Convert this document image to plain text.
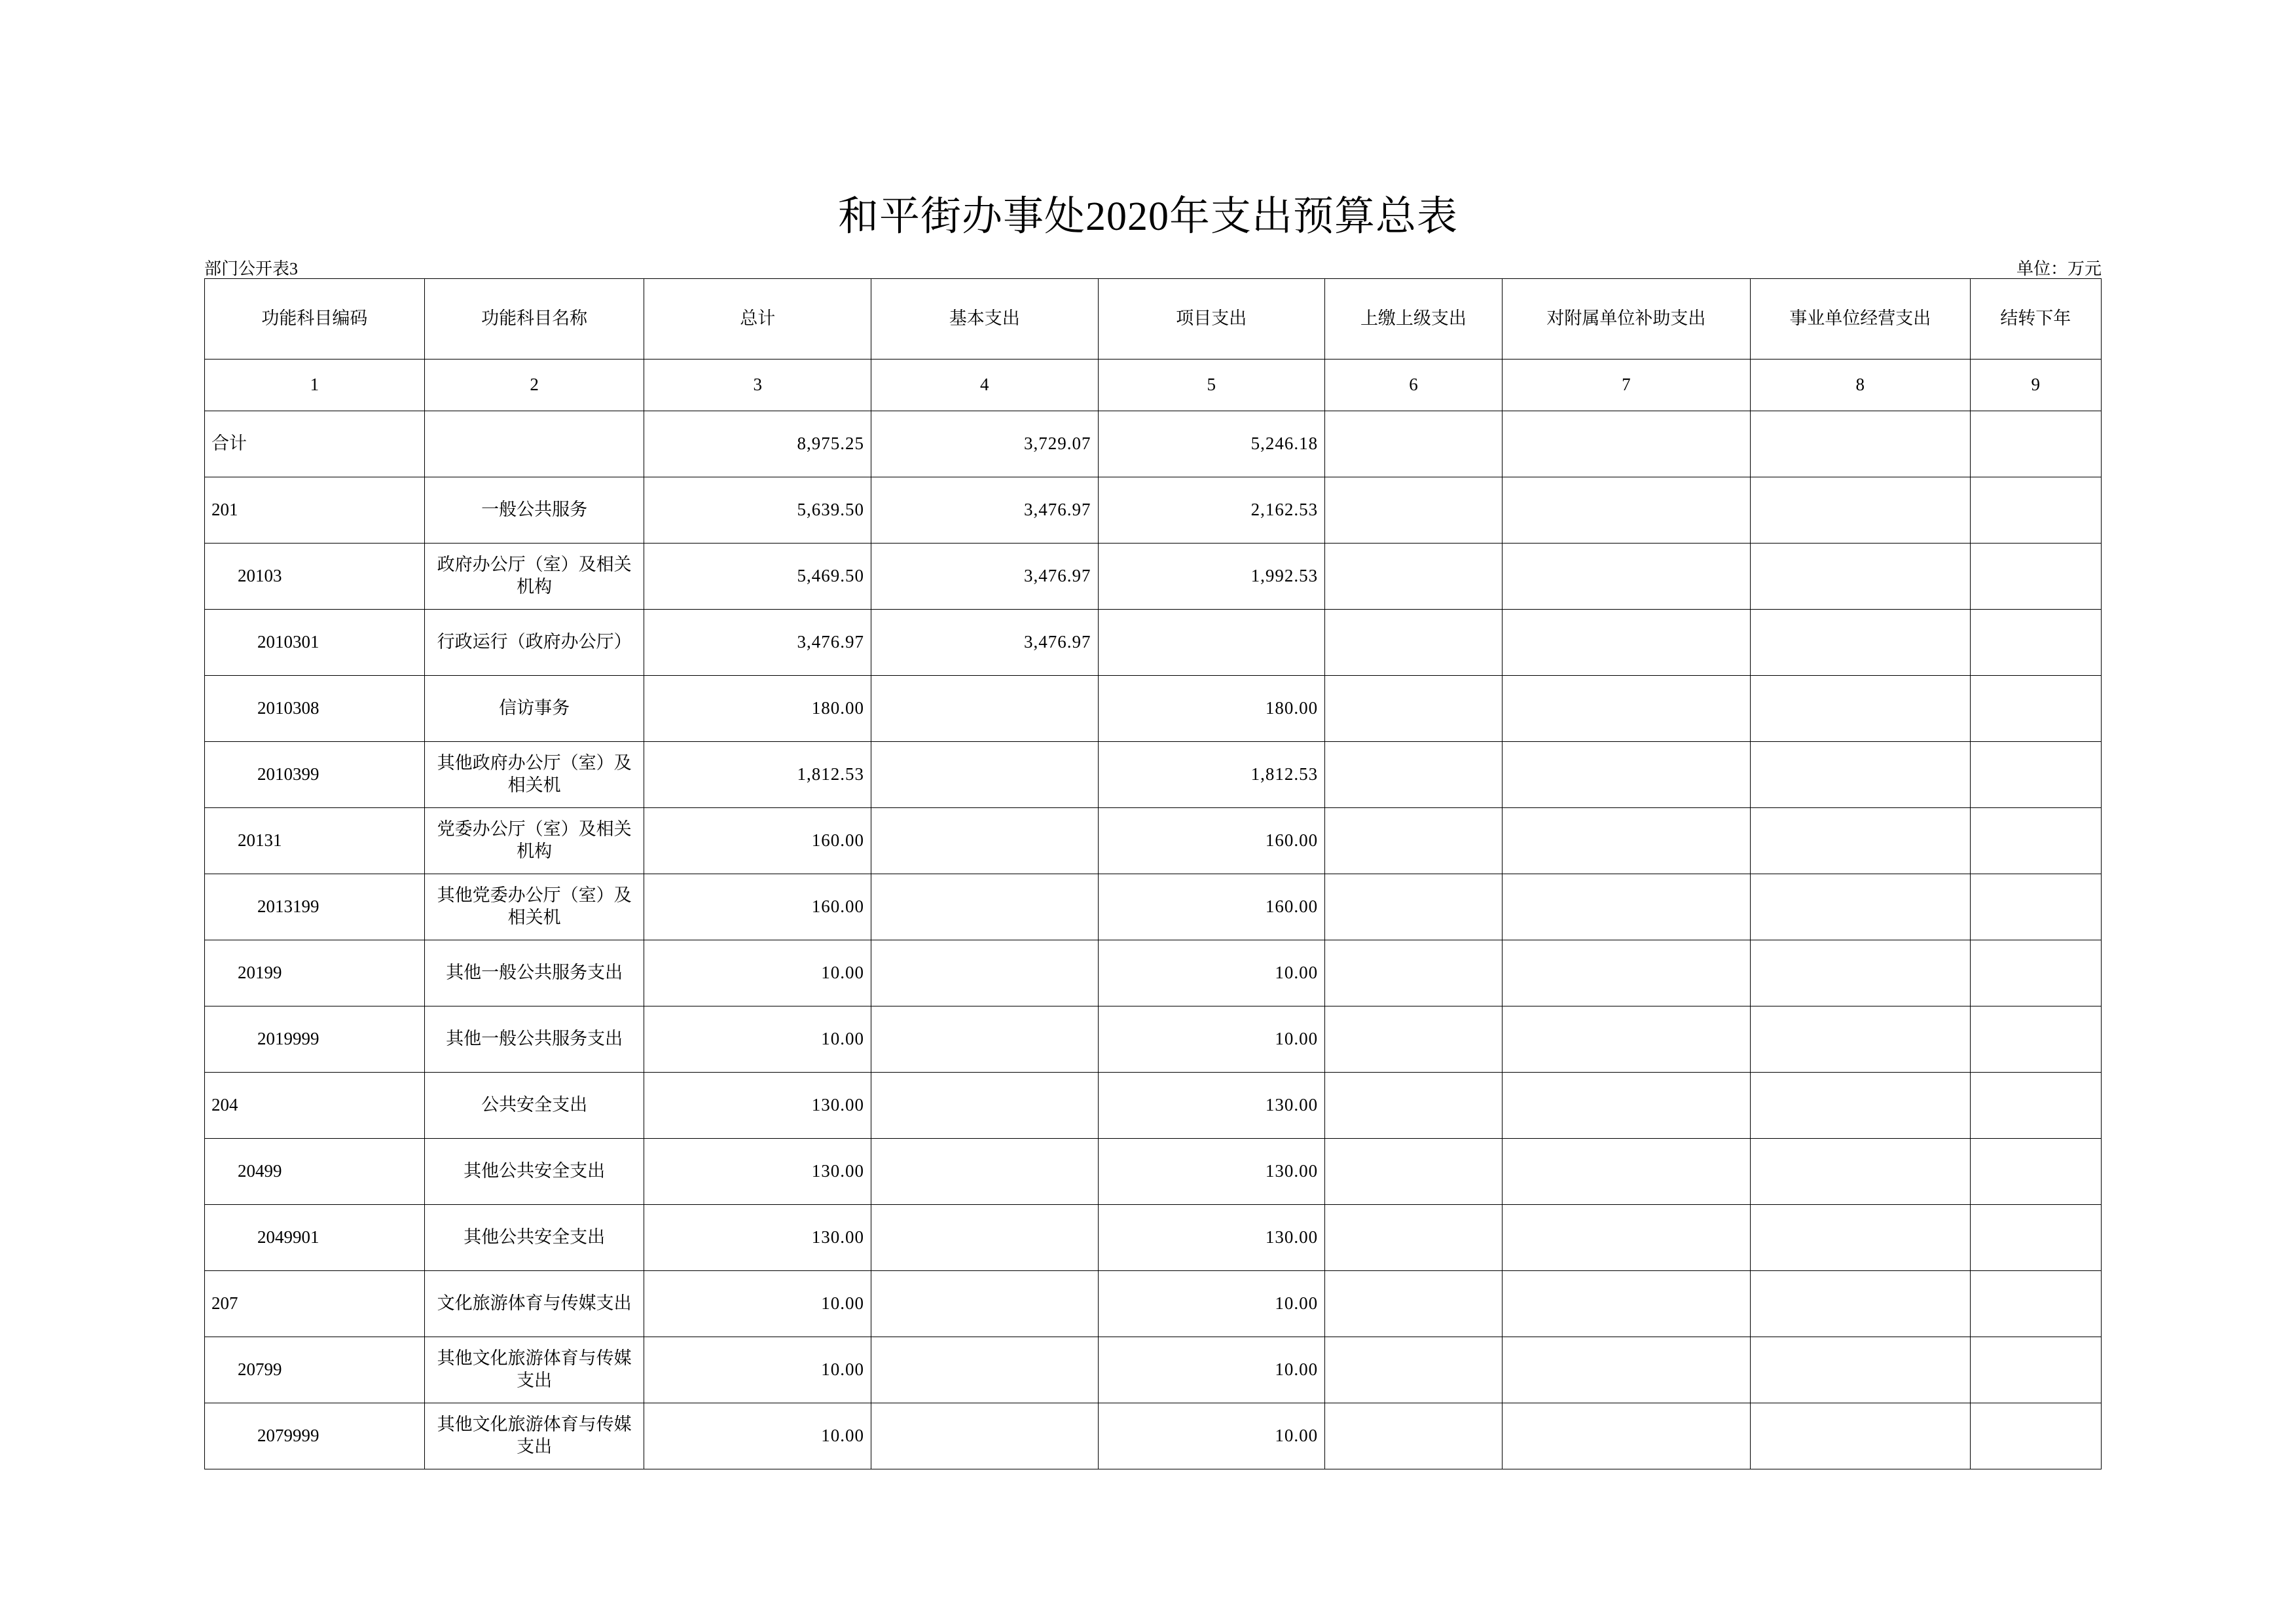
和平街办事处2020年支出预算总表
部门公开表3	单位：万元
功能科目编码	功能科目名称	总计	基本支出	项目支出	上缴上级支出	对附属单位补助支出	事业单位经营支出	结转下年
1	2	3	4	5	6	7	8	9
合计		8,975.25	3,729.07	5,246.18				
201	一般公共服务	5,639.50	3,476.97	2,162.53				
20103	政府办公厅（室）及相关机构	5,469.50	3,476.97	1,992.53				
2010301	行政运行（政府办公厅）	3,476.97	3,476.97					
2010308	信访事务	180.00		180.00				
2010399	其他政府办公厅（室）及相关机	1,812.53		1,812.53				
20131	党委办公厅（室）及相关机构	160.00		160.00				
2013199	其他党委办公厅（室）及相关机	160.00		160.00				
20199	其他一般公共服务支出	10.00		10.00				
2019999	其他一般公共服务支出	10.00		10.00				
204	公共安全支出	130.00		130.00				
20499	其他公共安全支出	130.00		130.00				
2049901	其他公共安全支出	130.00		130.00				
207	文化旅游体育与传媒支出	10.00		10.00				
20799	其他文化旅游体育与传媒支出	10.00		10.00				
2079999	其他文化旅游体育与传媒支出	10.00		10.00				
